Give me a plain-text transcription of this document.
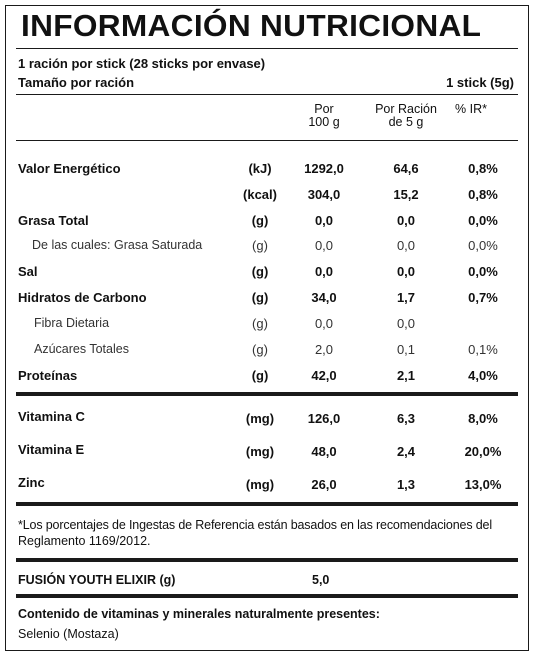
INFORMACIÓN NUTRICIONAL
1 ración por stick (28 sticks por envase)
Tamaño por ración	1 stick (5g)
Por
100 g
Por Ración
de 5 g
% IR*
Valor Energético	(kJ)	1292,0	64,6	0,8%
(kcal)	304,0	15,2	0,8%
Grasa Total	(g)	0,0	0,0	0,0%
De las cuales: Grasa Saturada	(g)	0,0	0,0	0,0%
Sal	(g)	0,0	0,0	0,0%
Hidratos de Carbono	(g)	34,0	1,7	0,7%
Fibra Dietaria	(g)	0,0	0,0
Azúcares Totales	(g)	2,0	0,1	0,1%
Proteínas	(g)	42,0	2,1	4,0%
Vitamina C	(mg)	126,0	6,3	8,0%
Vitamina E	(mg)	48,0	2,4	20,0%
Zinc	(mg)	26,0	1,3	13,0%
*Los porcentajes de Ingestas de Referencia están basados en las recomendaciones del
Reglamento 1169/2012.
FUSIÓN YOUTH ELIXIR (g)	5,0
Contenido de vitaminas y minerales naturalmente presentes:
Selenio (Mostaza)
